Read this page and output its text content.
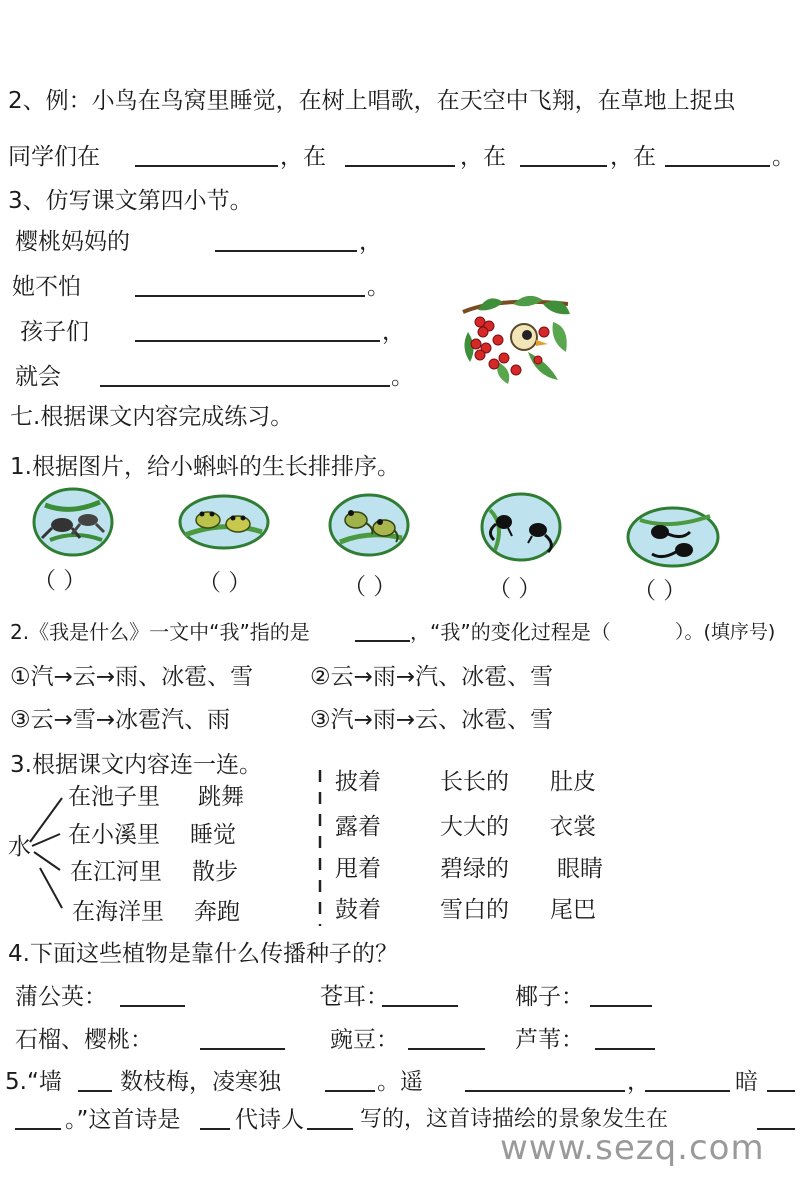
2、例：小鸟在鸟窝里睡觉，在树上唱歌，在天空中飞翔，在草地上捉虫
同学们在	，在	，在	，在	。
3、仿写课文第四小节。
樱桃妈妈的	，
她不怕	。
孩子们	，
就会	。
七.根据课文内容完成练习。
1.根据图片，给小蝌蚪的生长排排序。
（ ）	（ ）	（ ）	（ ）	（ ）
2.《我是什么》一文中“我”指的是	，“我”的变化过程是（	）。(填序号)
①汽→云→雨、冰雹、雪 ②云→雨→汽、冰雹、雪
③云→雪→冰雹汽、雨	③汽→雨→云、冰雹、雪
3.根据课文内容连一连。
水
在池子里 跳舞
在小溪里 睡觉
在江河里 散步
在海洋里 奔跑
披着	长长的 肚皮
露着	大大的 衣裳
甩着	碧绿的 眼睛
鼓着	雪白的 尾巴
4.下面这些植物是靠什么传播种子的？
蒲公英：	苍耳：	椰子：
石榴、樱桃：	豌豆：	芦苇：
5.“墙	数枝梅，凌寒独	。遥	，	暗
。”这首诗是 代诗人	写的，这首诗描绘的景象发生在
www.sezq.com
